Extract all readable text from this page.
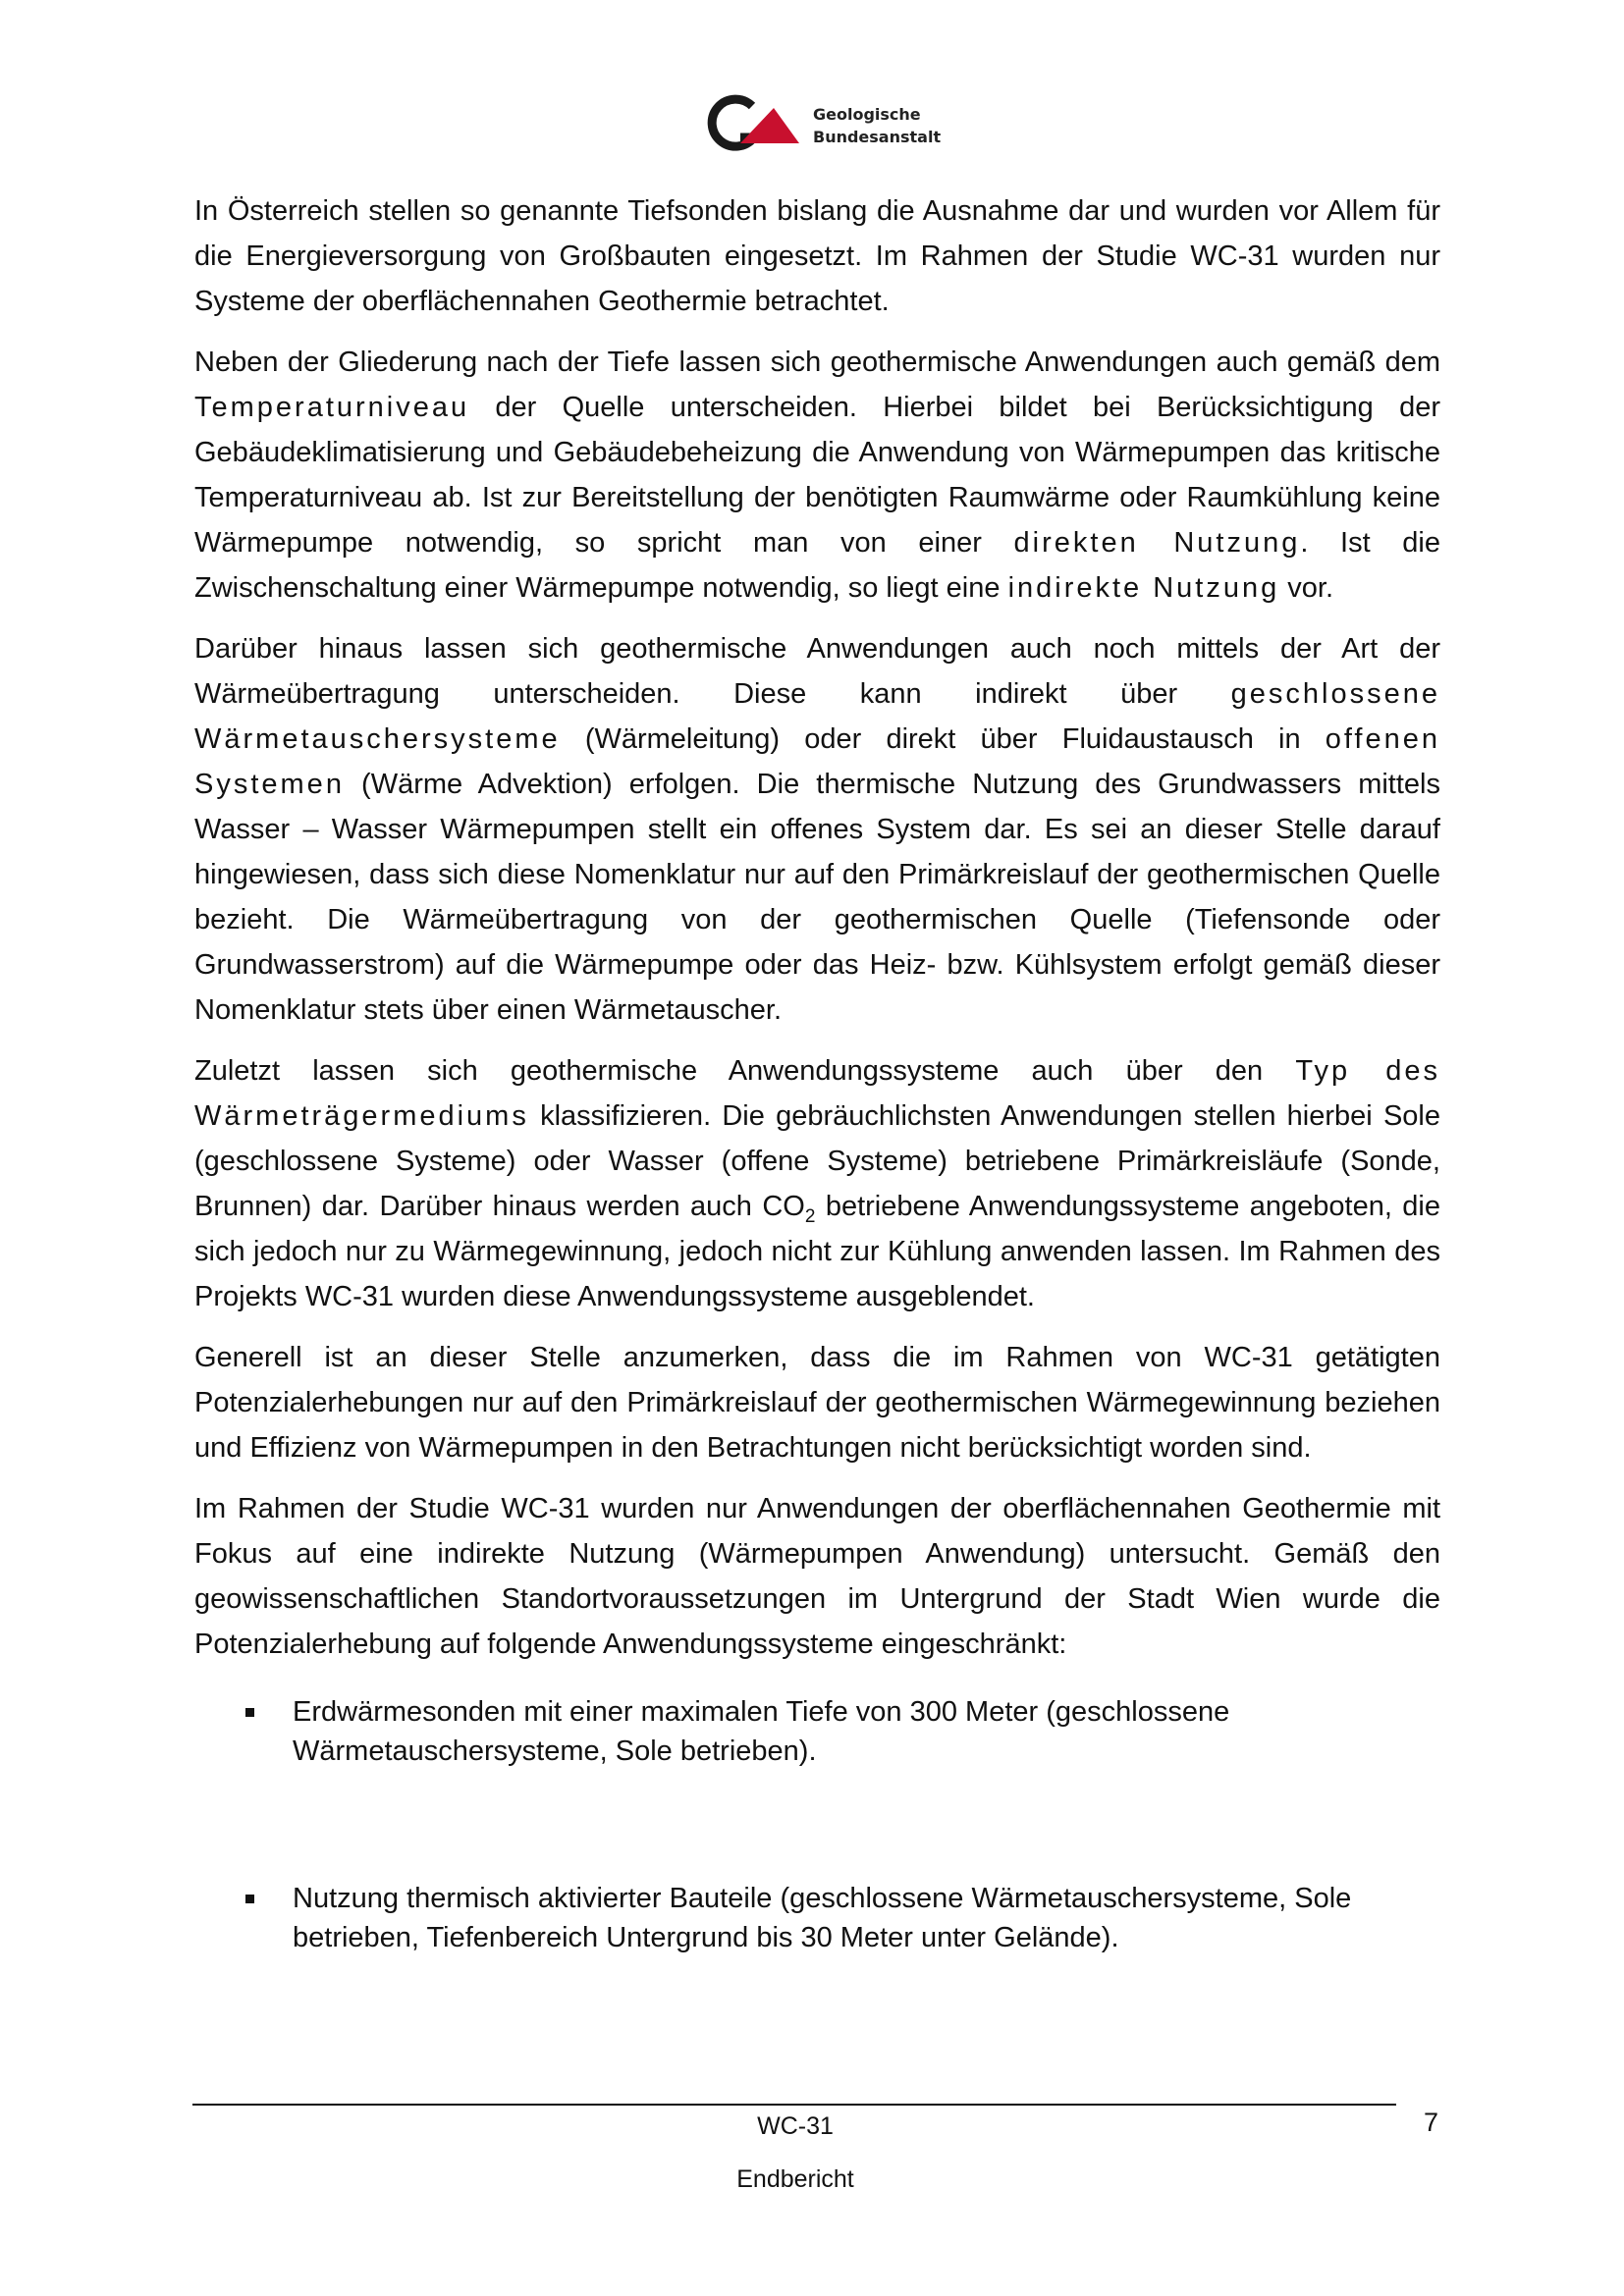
Geologische
Bundesanstalt

In Österreich stellen so genannte Tiefsonden bislang die Ausnahme dar und wurden vor Allem für die Energieversorgung von Großbauten eingesetzt. Im Rahmen der Studie WC-31 wurden nur Systeme der oberflächennahen Geothermie betrachtet.

Neben der Gliederung nach der Tiefe lassen sich geothermische Anwendungen auch gemäß dem Temperaturniveau der Quelle unterscheiden. Hierbei bildet bei Berücksichtigung der Gebäudeklimatisierung und Gebäudebeheizung die Anwendung von Wärmepumpen das kritische Temperaturniveau ab. Ist zur Bereitstellung der benötigten Raumwärme oder Raumkühlung keine Wärmepumpe notwendig, so spricht man von einer direkten Nutzung. Ist die Zwischenschaltung einer Wärmepumpe notwendig, so liegt eine indirekte Nutzung vor.

Darüber hinaus lassen sich geothermische Anwendungen auch noch mittels der Art der Wärmeübertragung unterscheiden. Diese kann indirekt über geschlossene Wärmetauschersysteme (Wärmeleitung) oder direkt über Fluidaustausch in offenen Systemen (Wärme Advektion) erfolgen. Die thermische Nutzung des Grundwassers mittels Wasser – Wasser Wärmepumpen stellt ein offenes System dar. Es sei an dieser Stelle darauf hingewiesen, dass sich diese Nomenklatur nur auf den Primärkreislauf der geothermischen Quelle bezieht. Die Wärmeübertragung von der geothermischen Quelle (Tiefensonde oder Grundwasserstrom) auf die Wärmepumpe oder das Heiz- bzw. Kühlsystem erfolgt gemäß dieser Nomenklatur stets über einen Wärmetauscher.

Zuletzt lassen sich geothermische Anwendungssysteme auch über den Typ des Wärmeträgermediums klassifizieren. Die gebräuchlichsten Anwendungen stellen hierbei Sole (geschlossene Systeme) oder Wasser (offene Systeme) betriebene Primärkreisläufe (Sonde, Brunnen) dar. Darüber hinaus werden auch $CO_2$ betriebene Anwendungssysteme angeboten, die sich jedoch nur zu Wärmegewinnung, jedoch nicht zur Kühlung anwenden lassen. Im Rahmen des Projekts WC-31 wurden diese Anwendungssysteme ausgeblendet.

Generell ist an dieser Stelle anzumerken, dass die im Rahmen von WC-31 getätigten Potenzialerhebungen nur auf den Primärkreislauf der geothermischen Wärmegewinnung beziehen und Effizienz von Wärmepumpen in den Betrachtungen nicht berücksichtigt worden sind.

Im Rahmen der Studie WC-31 wurden nur Anwendungen der oberflächennahen Geothermie mit Fokus auf eine indirekte Nutzung (Wärmepumpen Anwendung) untersucht. Gemäß den geowissenschaftlichen Standortvoraussetzungen im Untergrund der Stadt Wien wurde die Potenzialerhebung auf folgende Anwendungssysteme eingeschränkt:

Erdwärmesonden mit einer maximalen Tiefe von 300 Meter (geschlossene Wärmetauschersysteme, Sole betrieben).
Nutzung thermisch aktivierter Bauteile (geschlossene Wärmetauschersysteme, Sole betrieben, Tiefenbereich Untergrund bis 30 Meter unter Gelände).
WC-31
Endbericht
7
